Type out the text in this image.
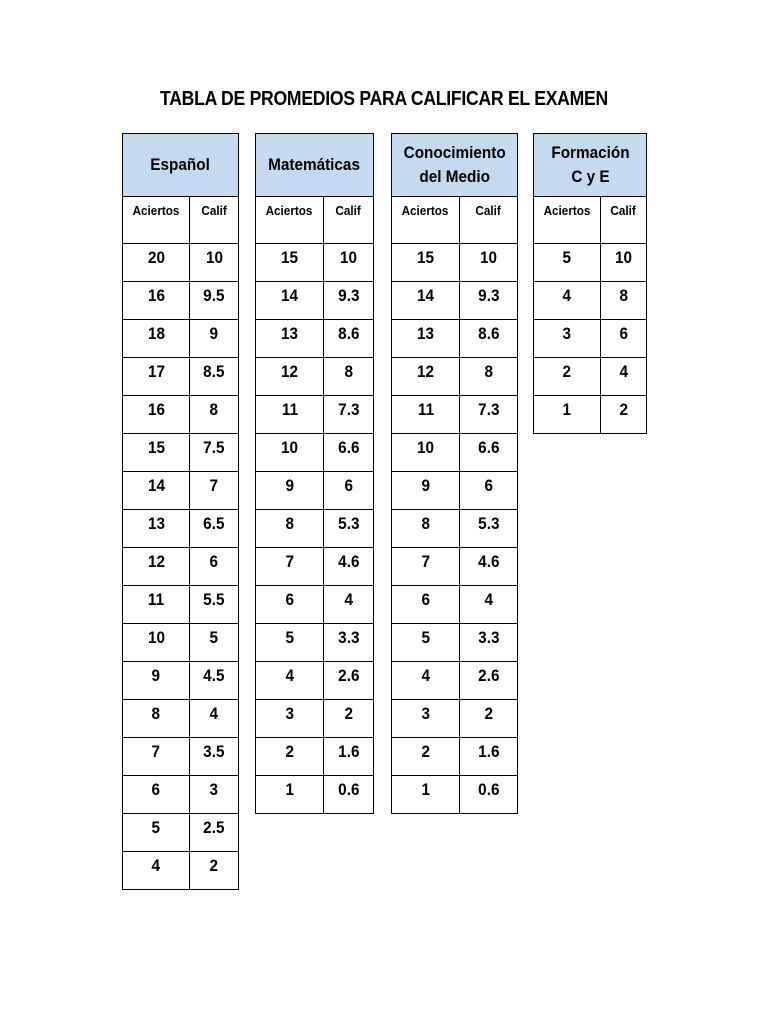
TABLA DE PROMEDIOS PARA CALIFICAR EL EXAMEN
Español	
Aciertos	Calif
20	10
16	9.5
18	9
17	8.5
16	8
15	7.5
14	7
13	6.5
12	6
11	5.5
10	5
9	4.5
8	4
7	3.5
6	3
5	2.5
4	2
Matemáticas	
Aciertos	Calif
15	10
14	9.3
13	8.6
12	8
11	7.3
10	6.6
9	6
8	5.3
7	4.6
6	4
5	3.3
4	2.6
3	2
2	1.6
1	0.6
Conocimiento
del Medio	
Aciertos	Calif
15	10
14	9.3
13	8.6
12	8
11	7.3
10	6.6
9	6
8	5.3
7	4.6
6	4
5	3.3
4	2.6
3	2
2	1.6
1	0.6
Formación
C y E	
Aciertos	Calif
5	10
4	8
3	6
2	4
1	2
